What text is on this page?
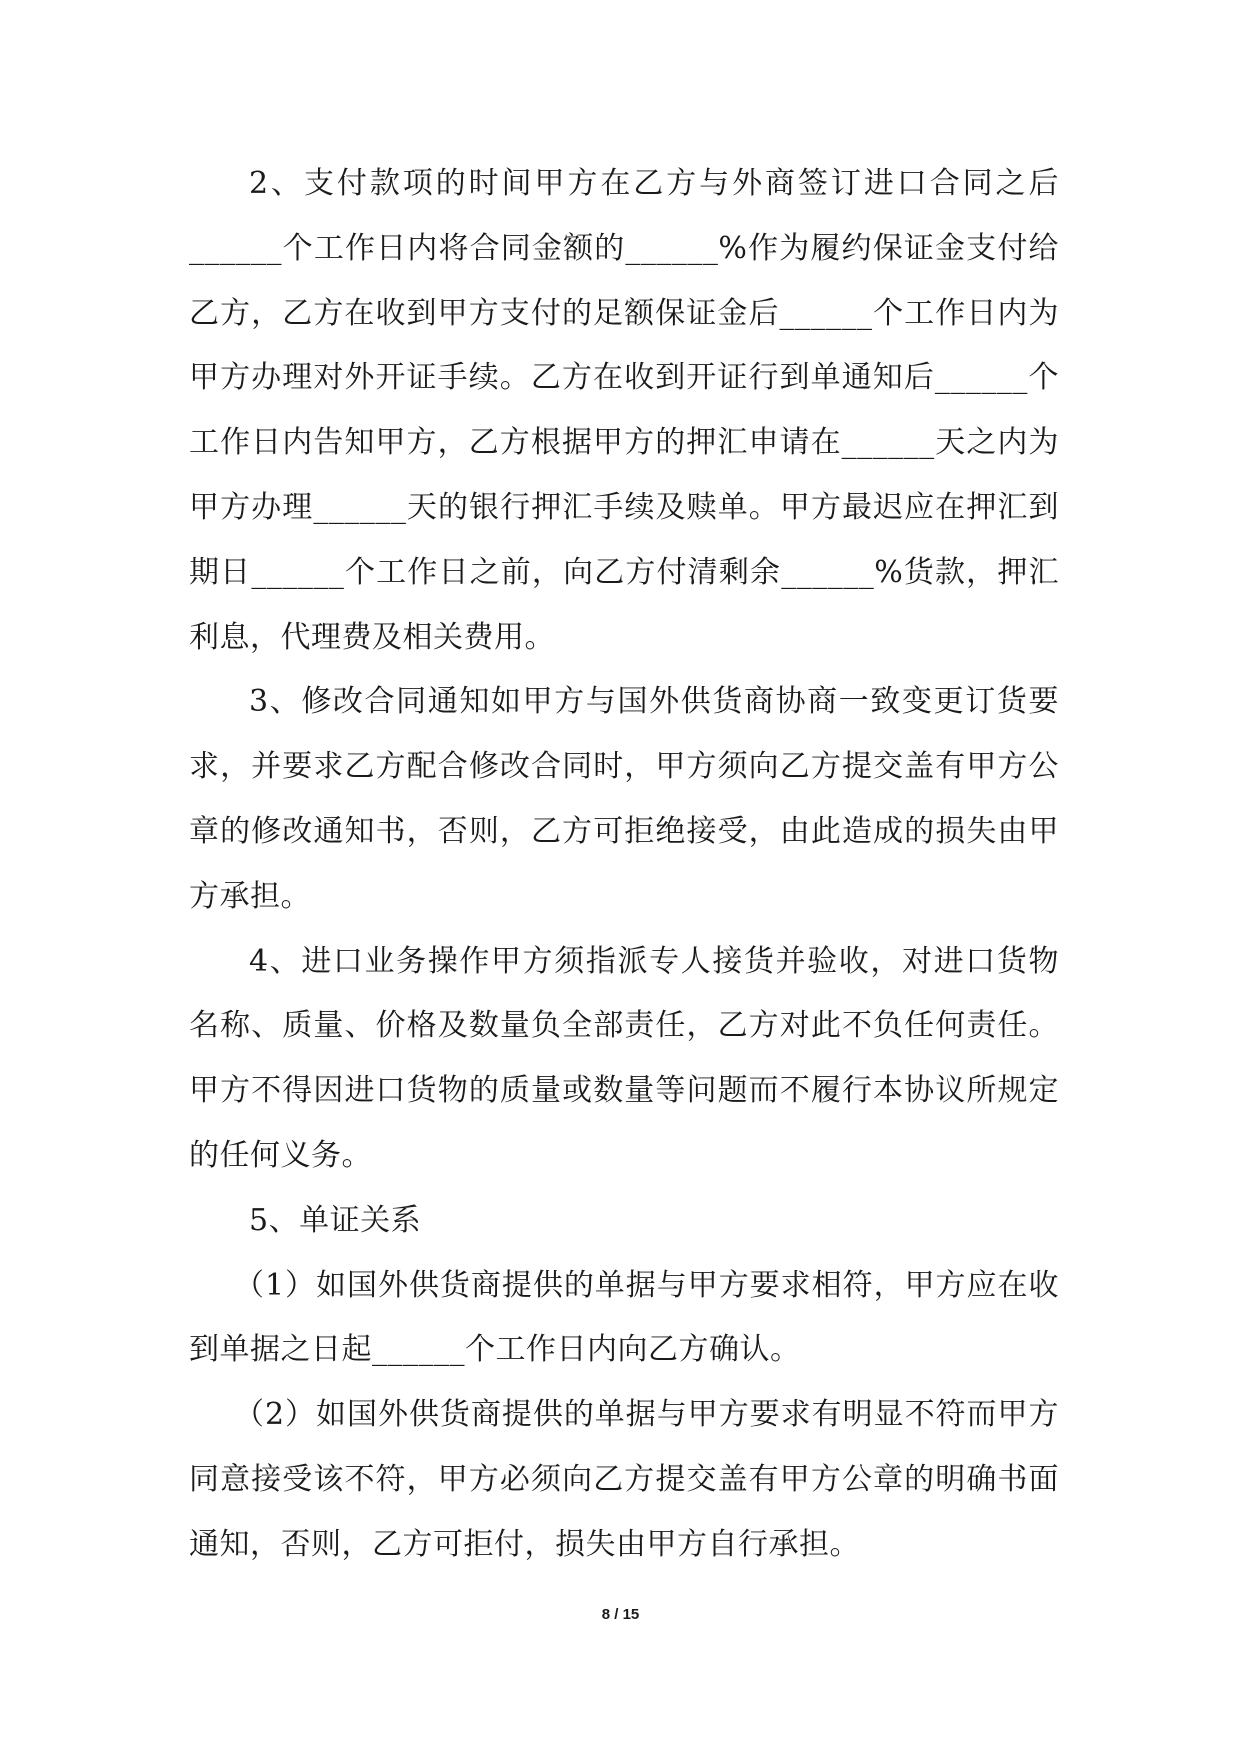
2、支付款项的时间甲方在乙方与外商签订进口合同之后______个工作日内将合同金额的______%作为履约保证金支付给乙方，乙方在收到甲方支付的足额保证金后______个工作日内为甲方办理对外开证手续。乙方在收到开证行到单通知后______个工作日内告知甲方，乙方根据甲方的押汇申请在______天之内为甲方办理______天的银行押汇手续及赎单。甲方最迟应在押汇到期日______个工作日之前，向乙方付清剩余______%货款，押汇利息，代理费及相关费用。

3、修改合同通知如甲方与国外供货商协商一致变更订货要求，并要求乙方配合修改合同时，甲方须向乙方提交盖有甲方公章的修改通知书，否则，乙方可拒绝接受，由此造成的损失由甲方承担。

4、进口业务操作甲方须指派专人接货并验收，对进口货物名称、质量、价格及数量负全部责任，乙方对此不负任何责任。甲方不得因进口货物的质量或数量等问题而不履行本协议所规定的任何义务。

5、单证关系

（1）如国外供货商提供的单据与甲方要求相符，甲方应在收到单据之日起______个工作日内向乙方确认。

（2）如国外供货商提供的单据与甲方要求有明显不符而甲方同意接受该不符，甲方必须向乙方提交盖有甲方公章的明确书面通知，否则，乙方可拒付，损失由甲方自行承担。

8 / 15
